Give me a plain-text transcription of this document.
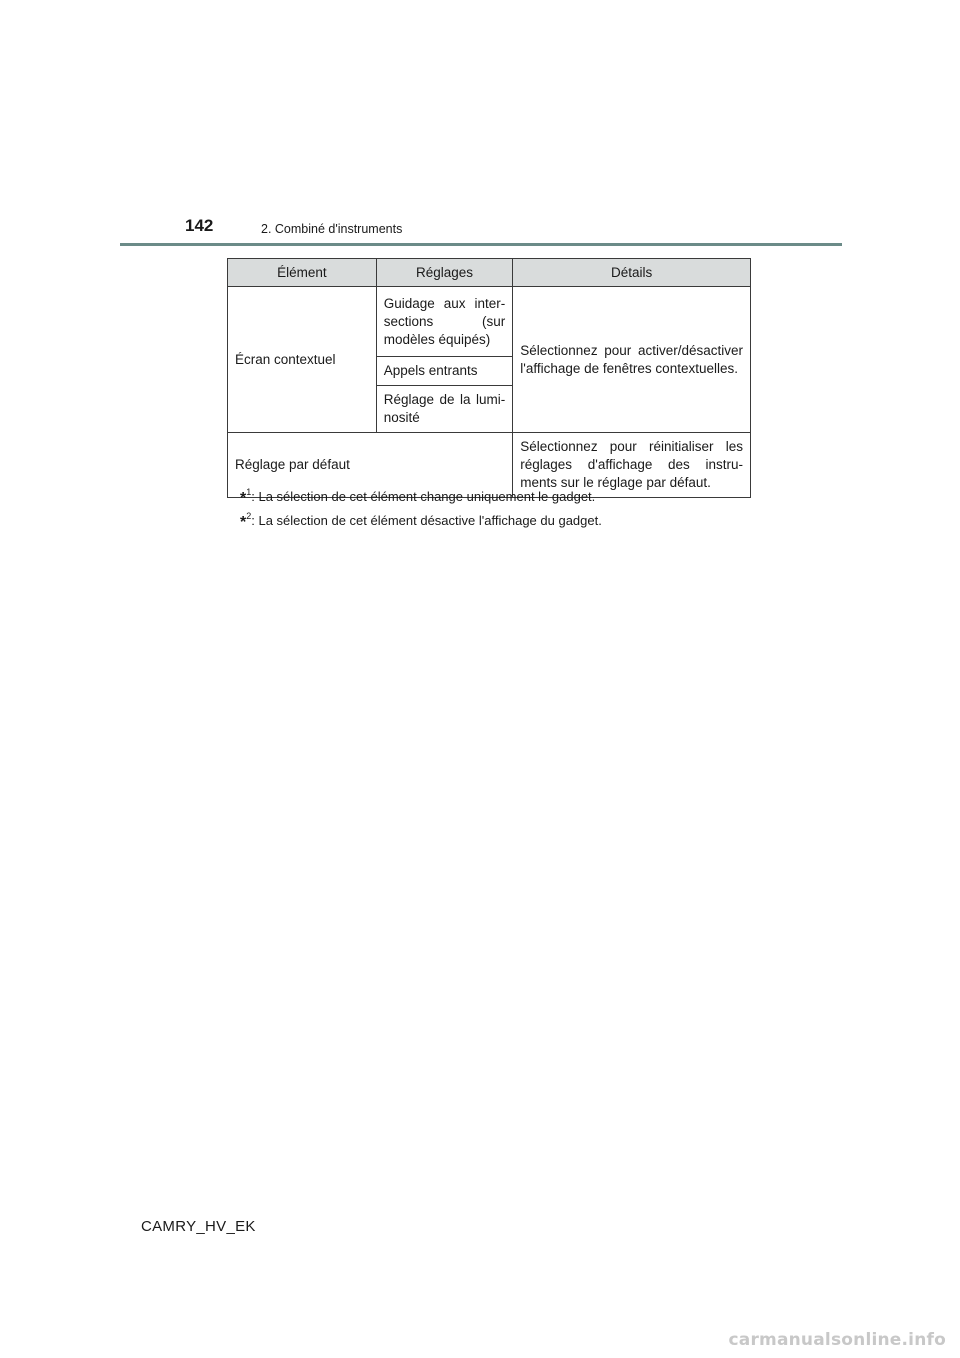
142	2. Combiné d'instruments
Élément	Réglages	Détails
Écran contextuel	Guidage aux inter- sections (sur modèles équipés)	Sélectionnez pour activer/désactiver l'affichage de fenêtres contextuelles.
	Appels entrants	
	Réglage de la lumi- nosité	
Réglage par défaut		Sélectionnez pour réinitialiser les réglages d'affichage des instru- ments sur le réglage par défaut.
*$^1$: La sélection de cet élément change uniquement le gadget.
*$^2$: La sélection de cet élément désactive l'affichage du gadget.
CAMRY_HV_EK
carmanualsonline.info
